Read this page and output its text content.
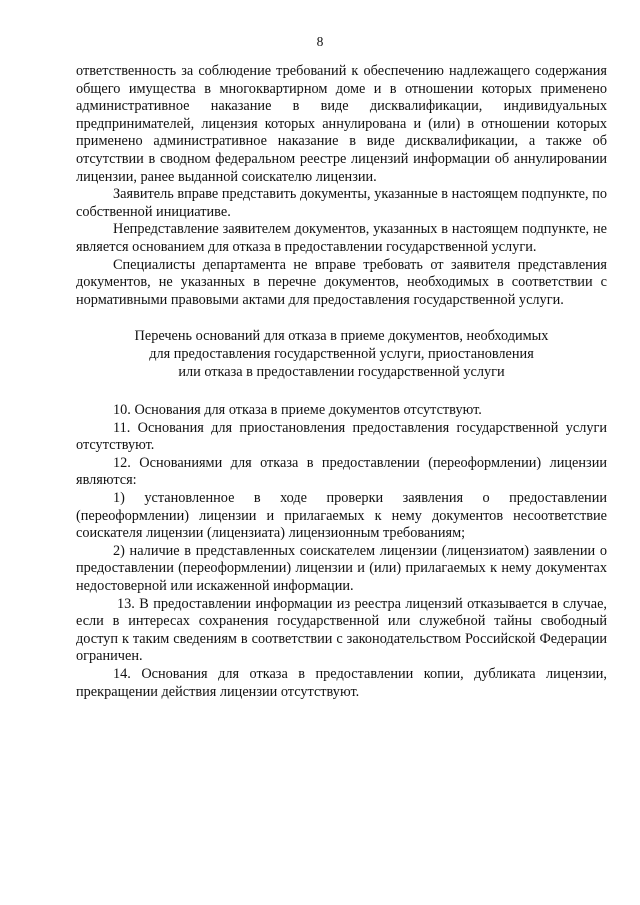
8

ответственность за соблюдение требований к обеспечению надлежащего содержания общего имущества в многоквартирном доме и в отношении которых применено административное наказание в виде дисквалификации, индивидуальных предпринимателей, лицензия которых аннулирована и (или) в отношении которых применено административное наказание в виде дисквалификации, а также об отсутствии в сводном федеральном реестре лицензий информации об аннулировании лицензии, ранее выданной соискателю лицензии.

Заявитель вправе представить документы, указанные в настоящем подпункте, по собственной инициативе.

Непредставление заявителем документов, указанных в настоящем подпункте, не является основанием для отказа в предоставлении государственной услуги.

Специалисты департамента не вправе требовать от заявителя представления документов, не указанных в перечне документов, необходимых в соответствии с нормативными правовыми актами для предоставления государственной услуги.

Перечень оснований для отказа в приеме документов, необходимых
для предоставления государственной услуги, приостановления
или отказа в предоставлении государственной услуги

10. Основания для отказа в приеме документов отсутствуют.

11. Основания для приостановления предоставления государственной услуги отсутствуют.

12. Основаниями для отказа в предоставлении (переоформлении) лицензии являются:

1) установленное в ходе проверки заявления о предоставлении (переоформлении) лицензии и прилагаемых к нему документов несоответствие соискателя лицензии (лицензиата) лицензионным требованиям;

2) наличие в представленных соискателем лицензии (лицензиатом) заявлении о предоставлении (переоформлении) лицензии и (или) прилагаемых к нему документах недостоверной или искаженной информации.

13. В предоставлении информации из реестра лицензий отказывается в случае, если в интересах сохранения государственной или служебной тайны свободный доступ к таким сведениям в соответствии с законодательством Российской Федерации ограничен.

14. Основания для отказа в предоставлении копии, дубликата лицензии, прекращении действия лицензии отсутствуют.
